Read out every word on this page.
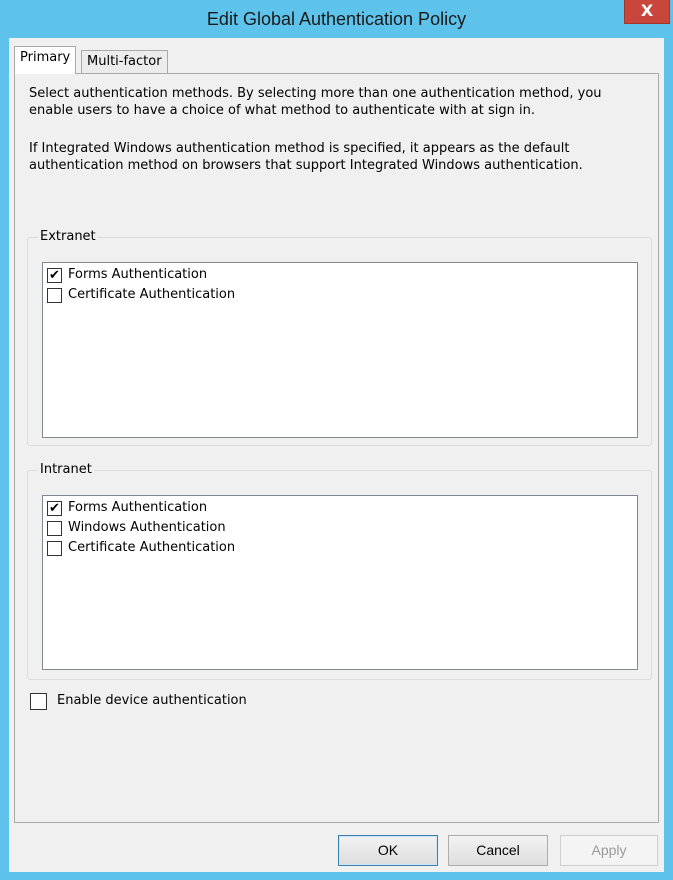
Edit Global Authentication Policy	X
Primary	Multi-factor
Select authentication methods. By selecting more than one authentication method, you enable users to have a choice of what method to authenticate with at sign in.
If Integrated Windows authentication method is specified, it appears as the default authentication method on browsers that support Integrated Windows authentication.
Extranet
✔ Forms Authentication
Certificate Authentication
Intranet
✔ Forms Authentication
Windows Authentication
Certificate Authentication
Enable device authentication
OK	Cancel	Apply
